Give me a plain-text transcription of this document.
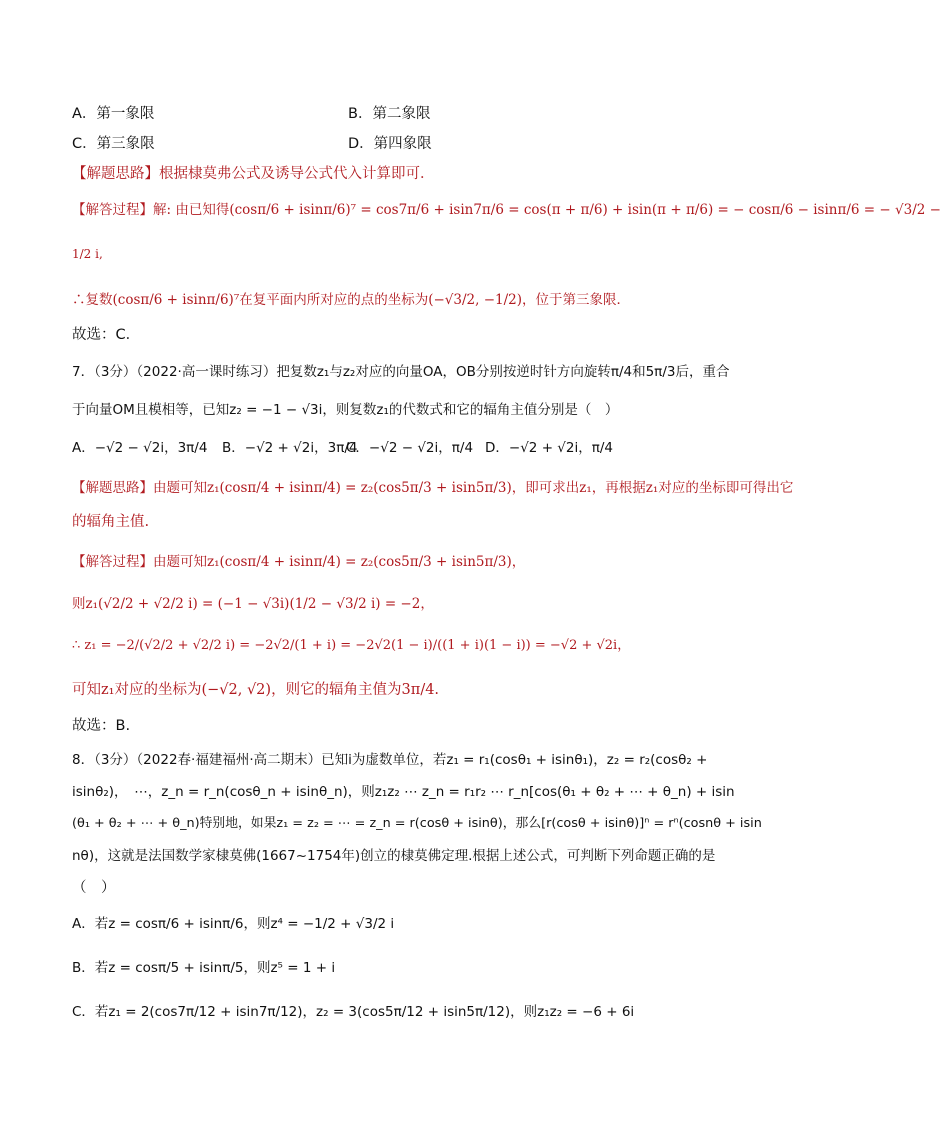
A．第一象限	B．第二象限
C．第三象限	D．第四象限
【解题思路】根据棣莫弗公式及诱导公式代入计算即可．
【解答过程】解: 由已知得(cosπ/6 + isinπ/6)⁷ = cos7π/6 + isin7π/6 = cos(π + π/6) + isin(π + π/6) = − cosπ/6 − isinπ/6 = − √3/2 −
1/2 i,
∴复数(cosπ/6 + isinπ/6)⁷在复平面内所对应的点的坐标为(−√3/2, −1/2)，位于第三象限．
故选：C．
7．（3分）（2022·高一课时练习）把复数z₁与z₂对应的向量OA，OB分别按逆时针方向旋转π/4和5π/3后，重合
于向量OM且模相等，已知z₂ = −1 − √3i，则复数z₁的代数式和它的辐角主值分别是（　）
A．−√2 − √2i，3π/4 B．−√2 + √2i，3π/4
C．−√2 − √2i，π/4 D．−√2 + √2i，π/4
【解题思路】由题可知z₁(cosπ/4 + isinπ/4) = z₂(cos5π/3 + isin5π/3)，即可求出z₁，再根据z₁对应的坐标即可得出它
的辐角主值.
【解答过程】由题可知z₁(cosπ/4 + isinπ/4) = z₂(cos5π/3 + isin5π/3)，
则z₁(√2/2 + √2/2 i) = (−1 − √3i)(1/2 − √3/2 i) = −2，
∴ z₁ = −2/(√2/2 + √2/2 i) = −2√2/(1 + i) = −2√2(1 − i)/((1 + i)(1 − i)) = −√2 + √2i，
可知z₁对应的坐标为(−√2, √2)，则它的辐角主值为3π/4.
故选：B.
8．（3分）（2022春·福建福州·高二期末）已知i为虚数单位，若z₁ = r₁(cosθ₁ + isinθ₁)，z₂ = r₂(cosθ₂ +
isinθ₂)，　⋯，z_n = r_n(cosθ_n + isinθ_n)，则z₁z₂ ⋯ z_n = r₁r₂ ⋯ r_n[cos(θ₁ + θ₂ + ⋯ + θ_n) + isin
(θ₁ + θ₂ + ⋯ + θ_n)特别地，如果z₁ = z₂ = ⋯ = z_n = r(cosθ + isinθ)，那么[r(cosθ + isinθ)]ⁿ = rⁿ(cosnθ + isin
nθ)，这就是法国数学家棣莫佛(1667~1754年)创立的棣莫佛定理.根据上述公式，可判断下列命题正确的是
（　）
A．若z = cosπ/6 + isinπ/6，则z⁴ = −1/2 + √3/2 i
B．若z = cosπ/5 + isinπ/5，则z⁵ = 1 + i
C．若z₁ = 2(cos7π/12 + isin7π/12)，z₂ = 3(cos5π/12 + isin5π/12)，则z₁z₂ = −6 + 6i
